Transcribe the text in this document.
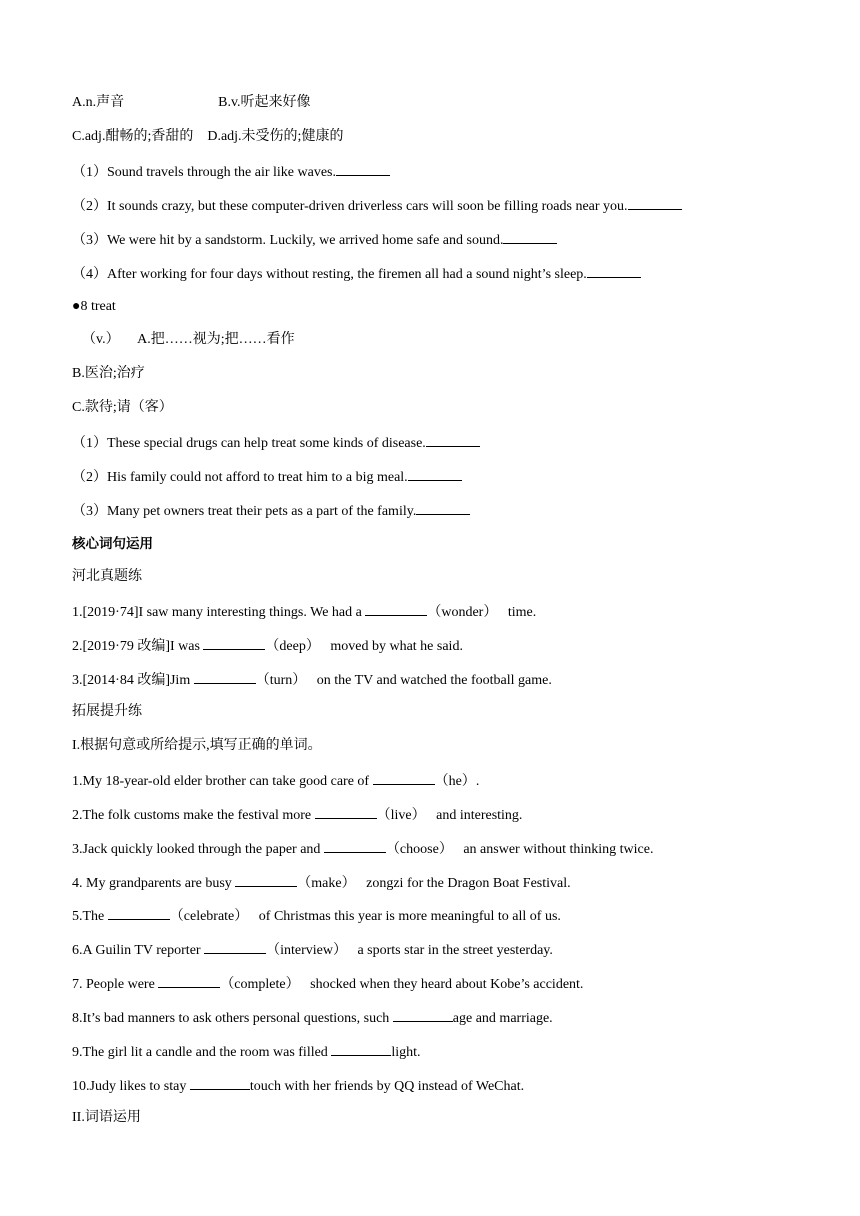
A.n.声音	B.v.听起来好像
C.adj.酣畅的;香甜的 D.adj.未受伤的;健康的
（1）Sound travels through the air like waves.
（2）It sounds crazy, but these computer-driven driverless cars will soon be filling roads near you.
（3）We were hit by a sandstorm. Luckily, we arrived home safe and sound.
（4）After working for four days without resting, the firemen all had a sound night’s sleep.
●8 treat
（v.） A.把……视为;把……看作
B.医治;治疗
C.款待;请（客）
（1）These special drugs can help treat some kinds of disease.
（2）His family could not afford to treat him to a big meal.
（3）Many pet owners treat their pets as a part of the family.
核心词句运用
河北真题练
1.[2019·74]I saw many interesting things. We had a	（wonder） time.
2.[2019·79 改编]I was	（deep） moved by what he said.
3.[2014·84 改编]Jim	（turn） on the TV and watched the football game.
拓展提升练
I.根据句意或所给提示,填写正确的单词。
1.My 18-year-old elder brother can take good care of	（he）.
2.The folk customs make the festival more	（live） and interesting.
3.Jack quickly looked through the paper and	（choose） an answer without thinking twice.
4. My grandparents are busy	（make） zongzi for the Dragon Boat Festival.
5.The	（celebrate） of Christmas this year is more meaningful to all of us.
6.A Guilin TV reporter	（interview） a sports star in the street yesterday.
7. People were	（complete） shocked when they heard about Kobe’s accident.
8.It’s bad manners to ask others personal questions, such	age and marriage.
9.The girl lit a candle and the room was filled	light.
10.Judy likes to stay	touch with her friends by QQ instead of WeChat.
II.词语运用
